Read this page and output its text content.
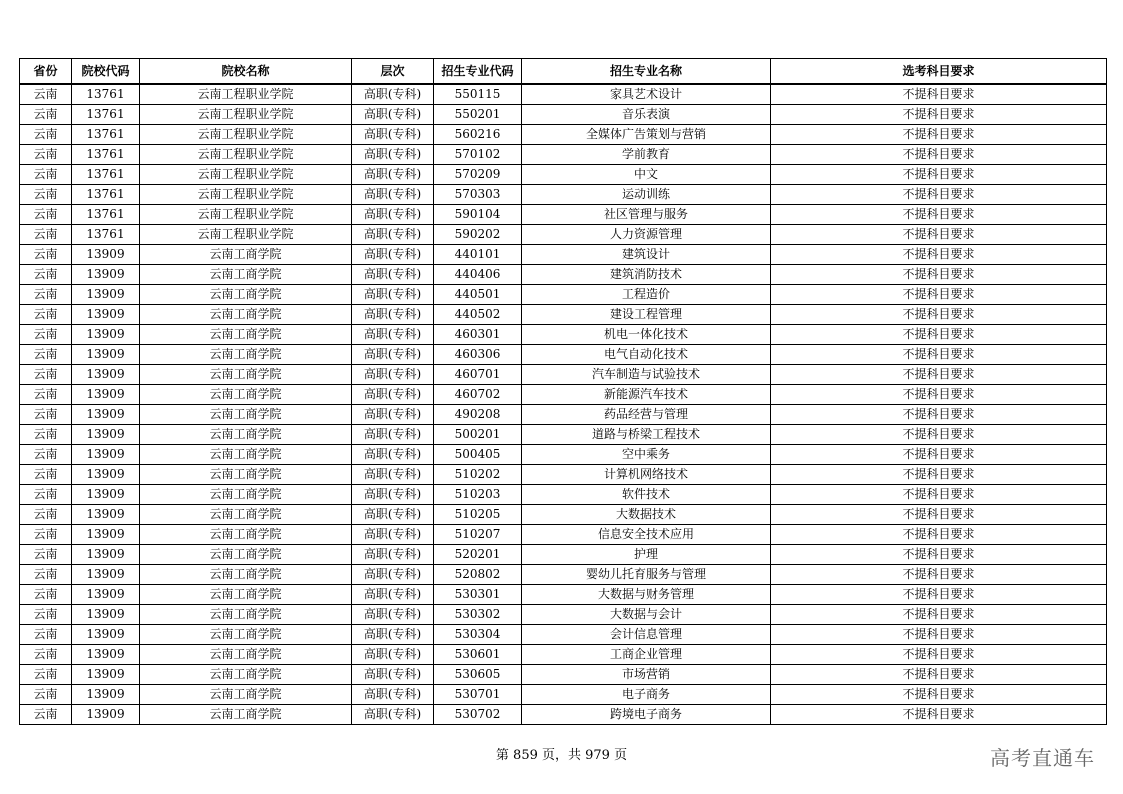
省份	院校代码	院校名称	层次	招生专业代码	招生专业名称	选考科目要求
云南	13761	云南工程职业学院	高职(专科)	550115	家具艺术设计	不提科目要求
云南	13761	云南工程职业学院	高职(专科)	550201	音乐表演	不提科目要求
云南	13761	云南工程职业学院	高职(专科)	560216	全媒体广告策划与营销	不提科目要求
云南	13761	云南工程职业学院	高职(专科)	570102	学前教育	不提科目要求
云南	13761	云南工程职业学院	高职(专科)	570209	中文	不提科目要求
云南	13761	云南工程职业学院	高职(专科)	570303	运动训练	不提科目要求
云南	13761	云南工程职业学院	高职(专科)	590104	社区管理与服务	不提科目要求
云南	13761	云南工程职业学院	高职(专科)	590202	人力资源管理	不提科目要求
云南	13909	云南工商学院	高职(专科)	440101	建筑设计	不提科目要求
云南	13909	云南工商学院	高职(专科)	440406	建筑消防技术	不提科目要求
云南	13909	云南工商学院	高职(专科)	440501	工程造价	不提科目要求
云南	13909	云南工商学院	高职(专科)	440502	建设工程管理	不提科目要求
云南	13909	云南工商学院	高职(专科)	460301	机电一体化技术	不提科目要求
云南	13909	云南工商学院	高职(专科)	460306	电气自动化技术	不提科目要求
云南	13909	云南工商学院	高职(专科)	460701	汽车制造与试验技术	不提科目要求
云南	13909	云南工商学院	高职(专科)	460702	新能源汽车技术	不提科目要求
云南	13909	云南工商学院	高职(专科)	490208	药品经营与管理	不提科目要求
云南	13909	云南工商学院	高职(专科)	500201	道路与桥梁工程技术	不提科目要求
云南	13909	云南工商学院	高职(专科)	500405	空中乘务	不提科目要求
云南	13909	云南工商学院	高职(专科)	510202	计算机网络技术	不提科目要求
云南	13909	云南工商学院	高职(专科)	510203	软件技术	不提科目要求
云南	13909	云南工商学院	高职(专科)	510205	大数据技术	不提科目要求
云南	13909	云南工商学院	高职(专科)	510207	信息安全技术应用	不提科目要求
云南	13909	云南工商学院	高职(专科)	520201	护理	不提科目要求
云南	13909	云南工商学院	高职(专科)	520802	婴幼儿托育服务与管理	不提科目要求
云南	13909	云南工商学院	高职(专科)	530301	大数据与财务管理	不提科目要求
云南	13909	云南工商学院	高职(专科)	530302	大数据与会计	不提科目要求
云南	13909	云南工商学院	高职(专科)	530304	会计信息管理	不提科目要求
云南	13909	云南工商学院	高职(专科)	530601	工商企业管理	不提科目要求
云南	13909	云南工商学院	高职(专科)	530605	市场营销	不提科目要求
云南	13909	云南工商学院	高职(专科)	530701	电子商务	不提科目要求
云南	13909	云南工商学院	高职(专科)	530702	跨境电子商务	不提科目要求
第 859 页，共 979 页	高考直通车
